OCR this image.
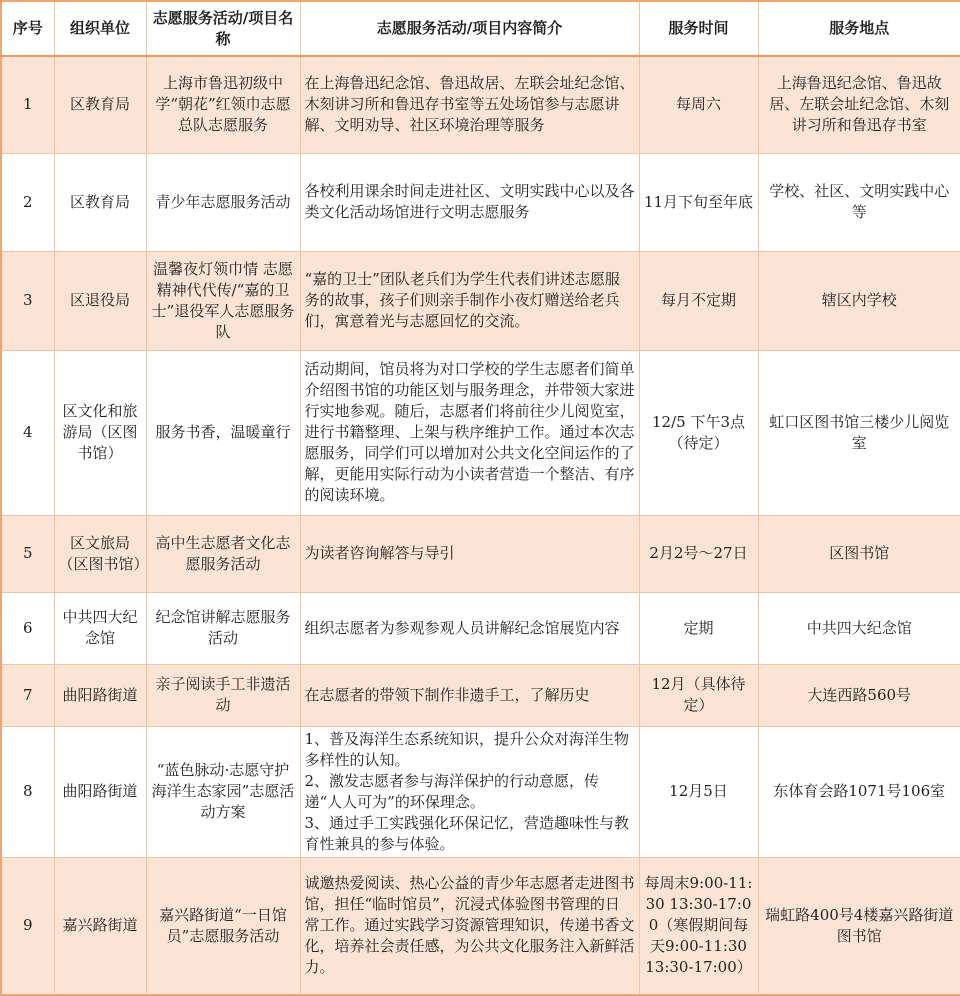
序号	组织单位	志愿服务活动/项目名称	志愿服务活动/项目内容简介	服务时间	服务地点
1	区教育局	上海市鲁迅初级中学“朝花”红领巾志愿总队志愿服务	在上海鲁迅纪念馆、鲁迅故居、左联会址纪念馆、木刻讲习所和鲁迅存书室等五处场馆参与志愿讲解、文明劝导、社区环境治理等服务	每周六	上海鲁迅纪念馆、鲁迅故居、左联会址纪念馆、木刻讲习所和鲁迅存书室
2	区教育局	青少年志愿服务活动	各校利用课余时间走进社区、文明实践中心以及各类文化活动场馆进行文明志愿服务	11月下旬至年底	学校、社区、文明实践中心等
3	区退役局	温馨夜灯领巾情 志愿精神代代传/“嘉的卫士”退役军人志愿服务队	“嘉的卫士”团队老兵们为学生代表们讲述志愿服务的故事，孩子们则亲手制作小夜灯赠送给老兵们，寓意着光与志愿回忆的交流。	每月不定期	辖区内学校
4	区文化和旅游局（区图书馆）	服务书香，温暖童行	活动期间，馆员将为对口学校的学生志愿者们简单介绍图书馆的功能区划与服务理念，并带领大家进行实地参观。随后，志愿者们将前往少儿阅览室，进行书籍整理、上架与秩序维护工作。通过本次志愿服务，同学们可以增加对公共文化空间运作的了解，更能用实际行动为小读者营造一个整洁、有序的阅读环境。	12/5 下午3点（待定）	虹口区图书馆三楼少儿阅览室
5	区文旅局（区图书馆）	高中生志愿者文化志愿服务活动	为读者咨询解答与导引	2月2号～27日	区图书馆
6	中共四大纪念馆	纪念馆讲解志愿服务活动	组织志愿者为参观参观人员讲解纪念馆展览内容	定期	中共四大纪念馆
7	曲阳路街道	亲子阅读手工非遗活动	在志愿者的带领下制作非遗手工，了解历史	12月（具体待定）	大连西路560号
8	曲阳路街道	“蓝色脉动·志愿守护海洋生态家园”志愿活动方案	1、普及海洋生态系统知识，提升公众对海洋生物多样性的认知。
2、激发志愿者参与海洋保护的行动意愿，传递“人人可为”的环保理念。
3、通过手工实践强化环保记忆，营造趣味性与教育性兼具的参与体验。	12月5日	东体育会路1071号106室
9	嘉兴路街道	嘉兴路街道“一日馆员”志愿服务活动	诚邀热爱阅读、热心公益的青少年志愿者走进图书馆，担任“临时馆员”，沉浸式体验图书管理的日常工作。通过实践学习资源管理知识，传递书香文化，培养社会责任感，为公共文化服务注入新鲜活力。	每周末9:00-11:30 13:30-17:00（寒假期间每天9:00-11:30 13:30-17:00）	瑞虹路400号4楼嘉兴路街道图书馆
